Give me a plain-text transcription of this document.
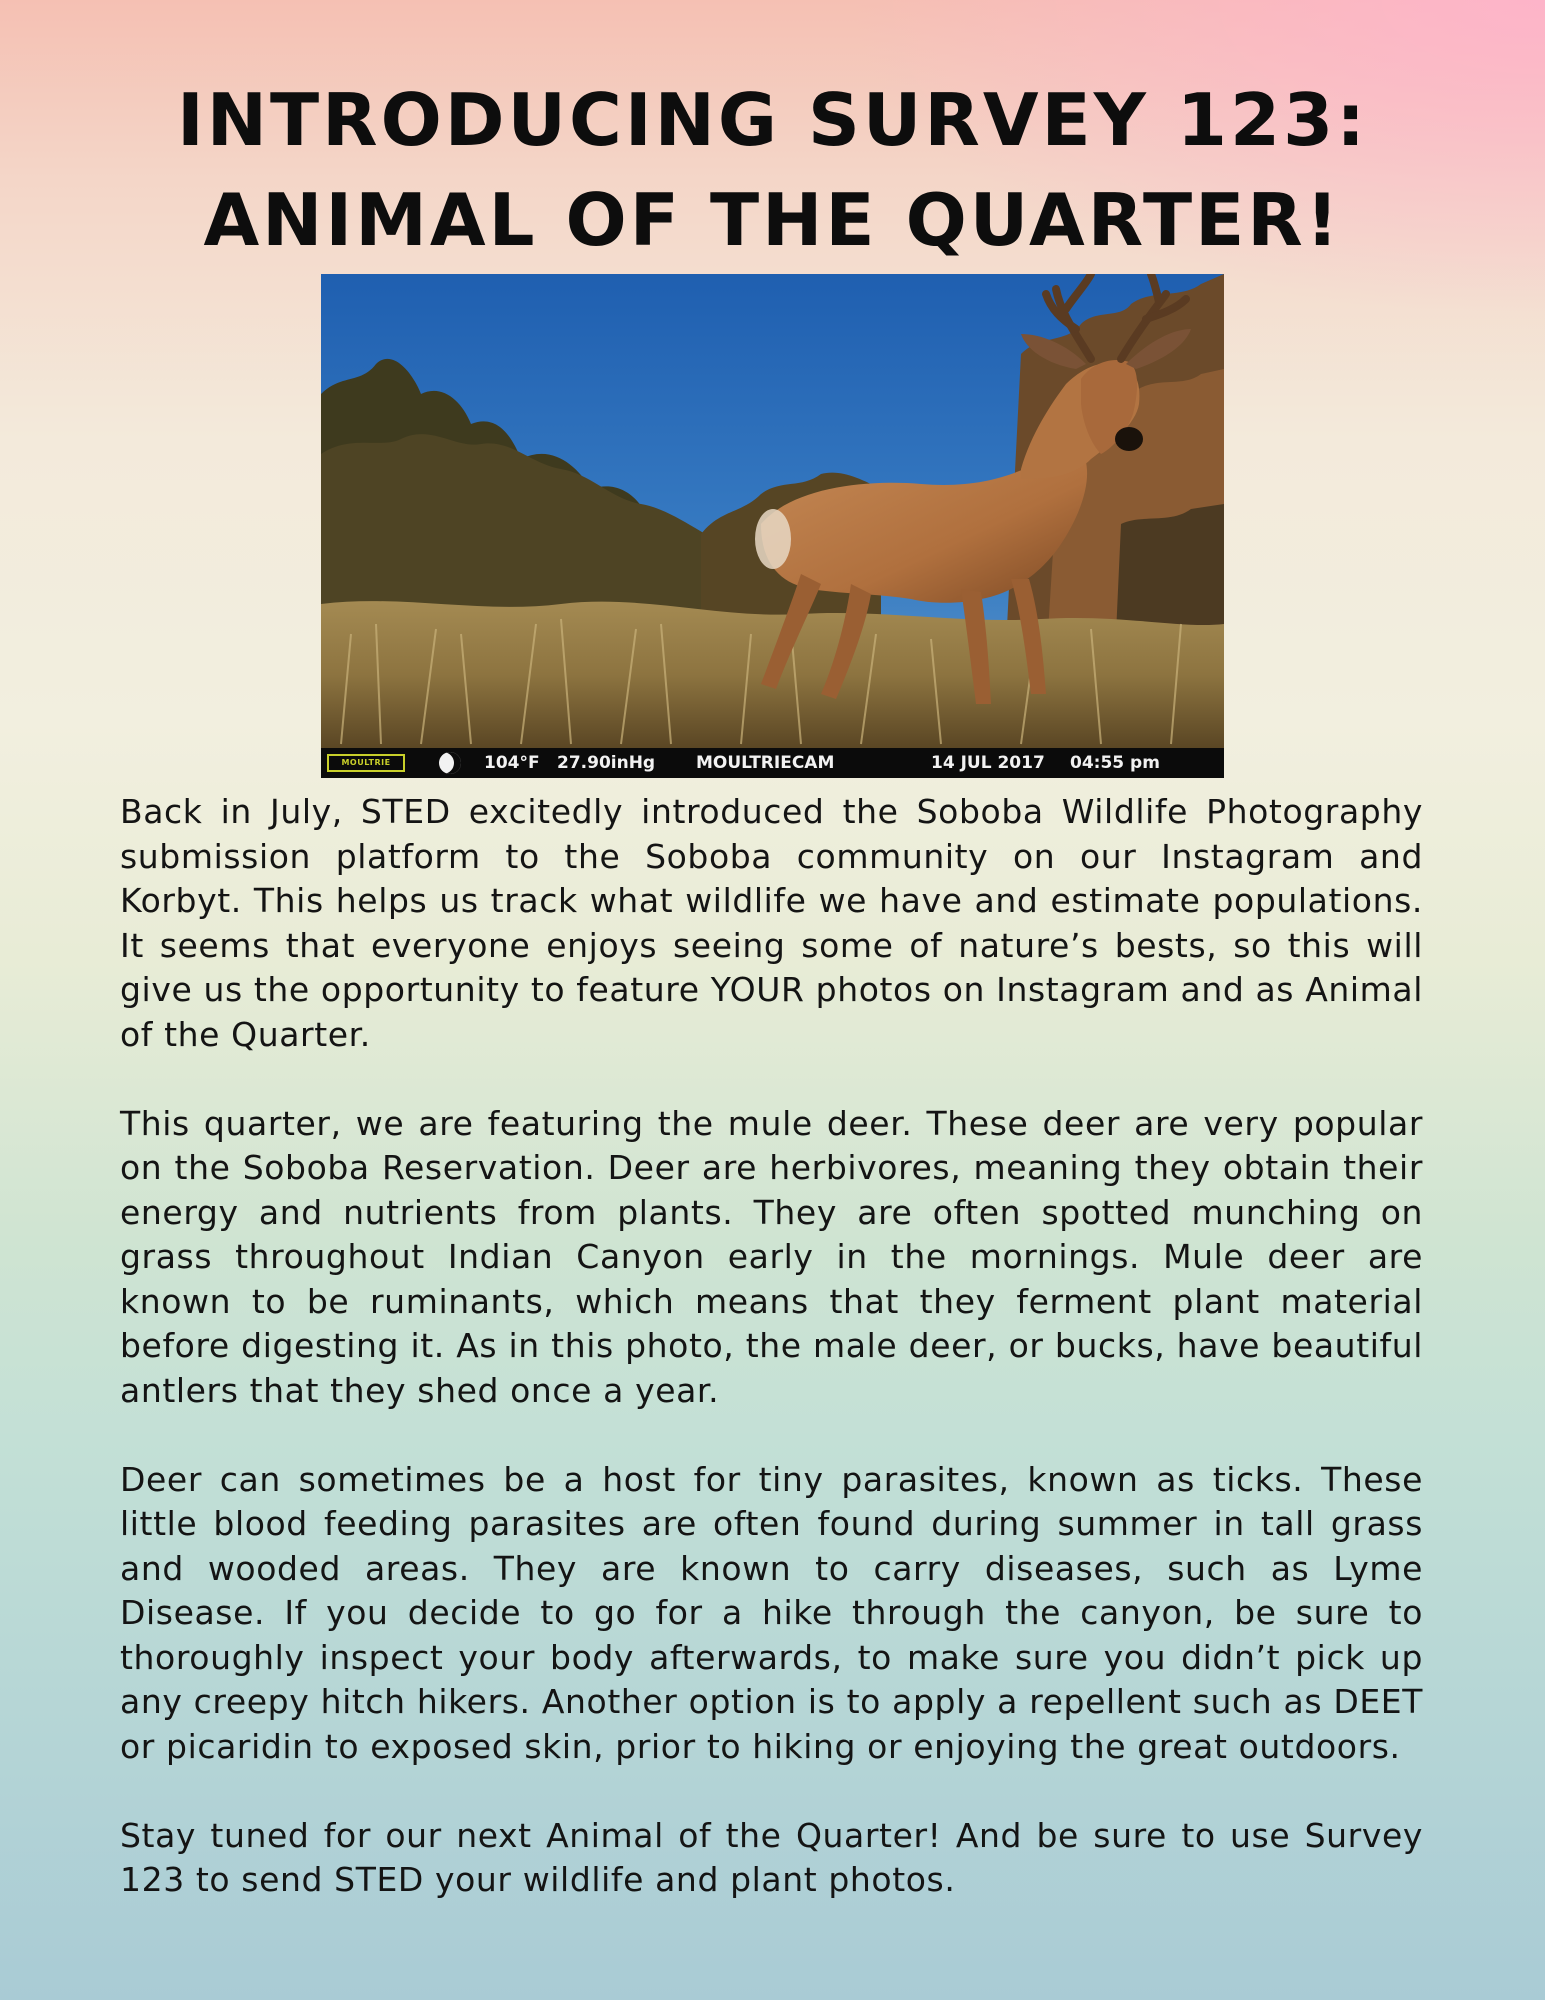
INTRODUCING SURVEY 123:
ANIMAL OF THE QUARTER!
MOULTRIE	104°F 27.90inHg MOULTRIECAM	14 JUL 2017 04:55 pm

Back in July, STED excitedly introduced the Soboba Wildlife Photography submission platform to the Soboba community on our Instagram and Korbyt. This helps us track what wildlife we have and estimate populations. It seems that everyone enjoys seeing some of nature’s bests, so this will give us the opportunity to feature YOUR photos on Instagram and as Animal of the Quarter.

This quarter, we are featuring the mule deer. These deer are very popular on the Soboba Reservation. Deer are herbivores, meaning they obtain their energy and nutrients from plants. They are often spotted munching on grass throughout Indian Canyon early in the mornings. Mule deer are known to be ruminants, which means that they ferment plant material before digesting it. As in this photo, the male deer, or bucks, have beautiful antlers that they shed once a year.

Deer can sometimes be a host for tiny parasites, known as ticks. These little blood feeding parasites are often found during summer in tall grass and wooded areas. They are known to carry diseases, such as Lyme Disease. If you decide to go for a hike through the canyon, be sure to thoroughly inspect your body afterwards, to make sure you didn’t pick up any creepy hitch hikers. Another option is to apply a repellent such as DEET or picaridin to exposed skin, prior to hiking or enjoying the great outdoors.

Stay tuned for our next Animal of the Quarter! And be sure to use Survey 123 to send STED your wildlife and plant photos.
